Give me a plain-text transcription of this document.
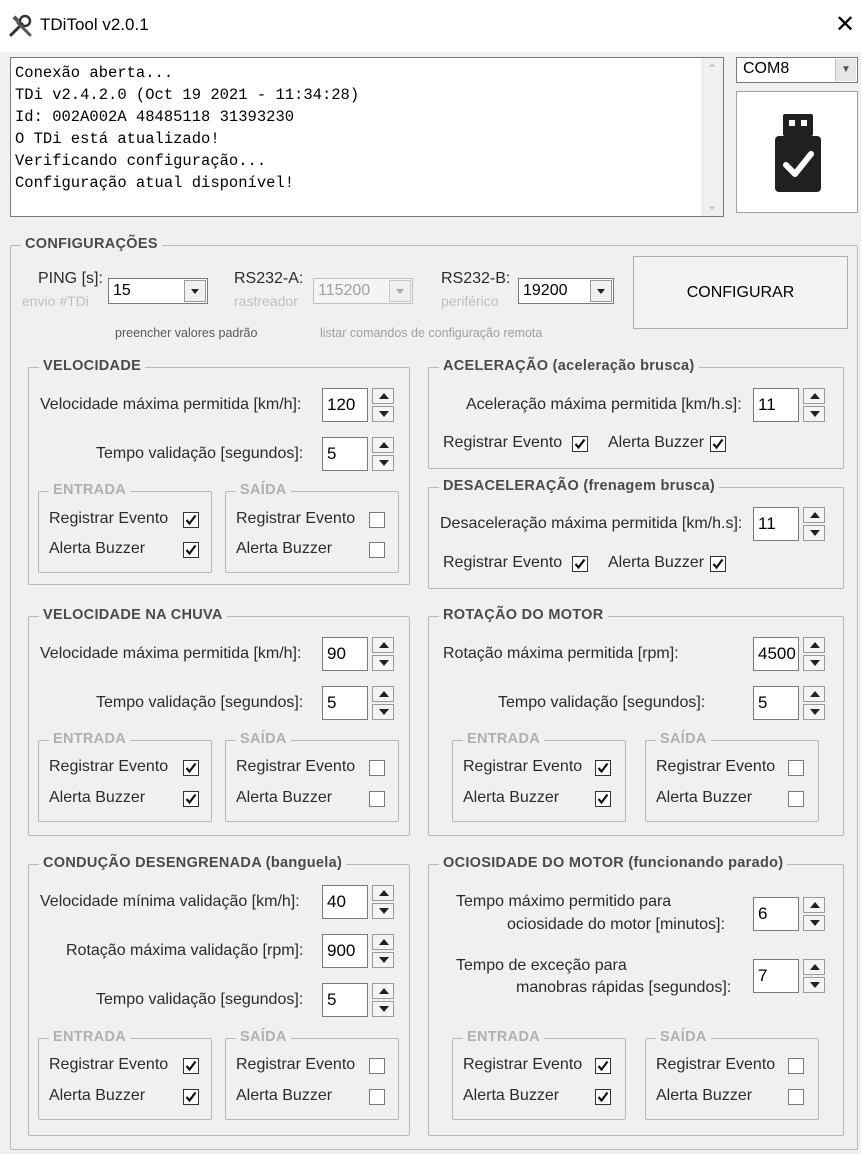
TDiTool v2.0.1	✕
Conexão aberta...
TDi v2.4.2.0 (Oct 19 2021 - 11:34:28)
Id: 002A002A 48485118 31393230
O TDi está atualizado!
Verificando configuração...
Configuração atual disponível!
⌃
⌄
COM8	▼
CONFIGURAÇÕES
PING [s]:
envio #TDi
15
RS232-A:
rastreador
115200
RS232-B:
periférico
19200	CONFIGURAR
preencher valores padrão	listar comandos de configuração remota
VELOCIDADE
Velocidade máxima permitida [km/h]: 120
Tempo validação [segundos]: 5
ENTRADA	SAÍDA
Registrar Evento
Alerta Buzzer
Registrar Evento
Alerta Buzzer
ACELERAÇÃO (aceleração brusca)
Aceleração máxima permitida [km/h.s]: 11
Registrar Evento	Alerta Buzzer
DESACELERAÇÃO (frenagem brusca)
Desaceleração máxima permitida [km/h.s]: 11
Registrar Evento	Alerta Buzzer
VELOCIDADE NA CHUVA
Velocidade máxima permitida [km/h]: 90
Tempo validação [segundos]: 5
ENTRADA	SAÍDA
Registrar Evento
Alerta Buzzer
Registrar Evento
Alerta Buzzer
ROTAÇÃO DO MOTOR
Rotação máxima permitida [rpm]:	4500
Tempo validação [segundos]:	5
ENTRADA	SAÍDA
Registrar Evento
Alerta Buzzer
Registrar Evento
Alerta Buzzer
CONDUÇÃO DESENGRENADA (banguela)
Velocidade mínima validação [km/h]: 40
Rotação máxima validação [rpm]: 900
Tempo validação [segundos]: 5
ENTRADA	SAÍDA
Registrar Evento
Alerta Buzzer
Registrar Evento
Alerta Buzzer
OCIOSIDADE DO MOTOR (funcionando parado)
Tempo máximo permitido para
ociosidade do motor [minutos]:
6
Tempo de exceção para
manobras rápidas [segundos]:
7
ENTRADA	SAÍDA
Registrar Evento
Alerta Buzzer
Registrar Evento
Alerta Buzzer
